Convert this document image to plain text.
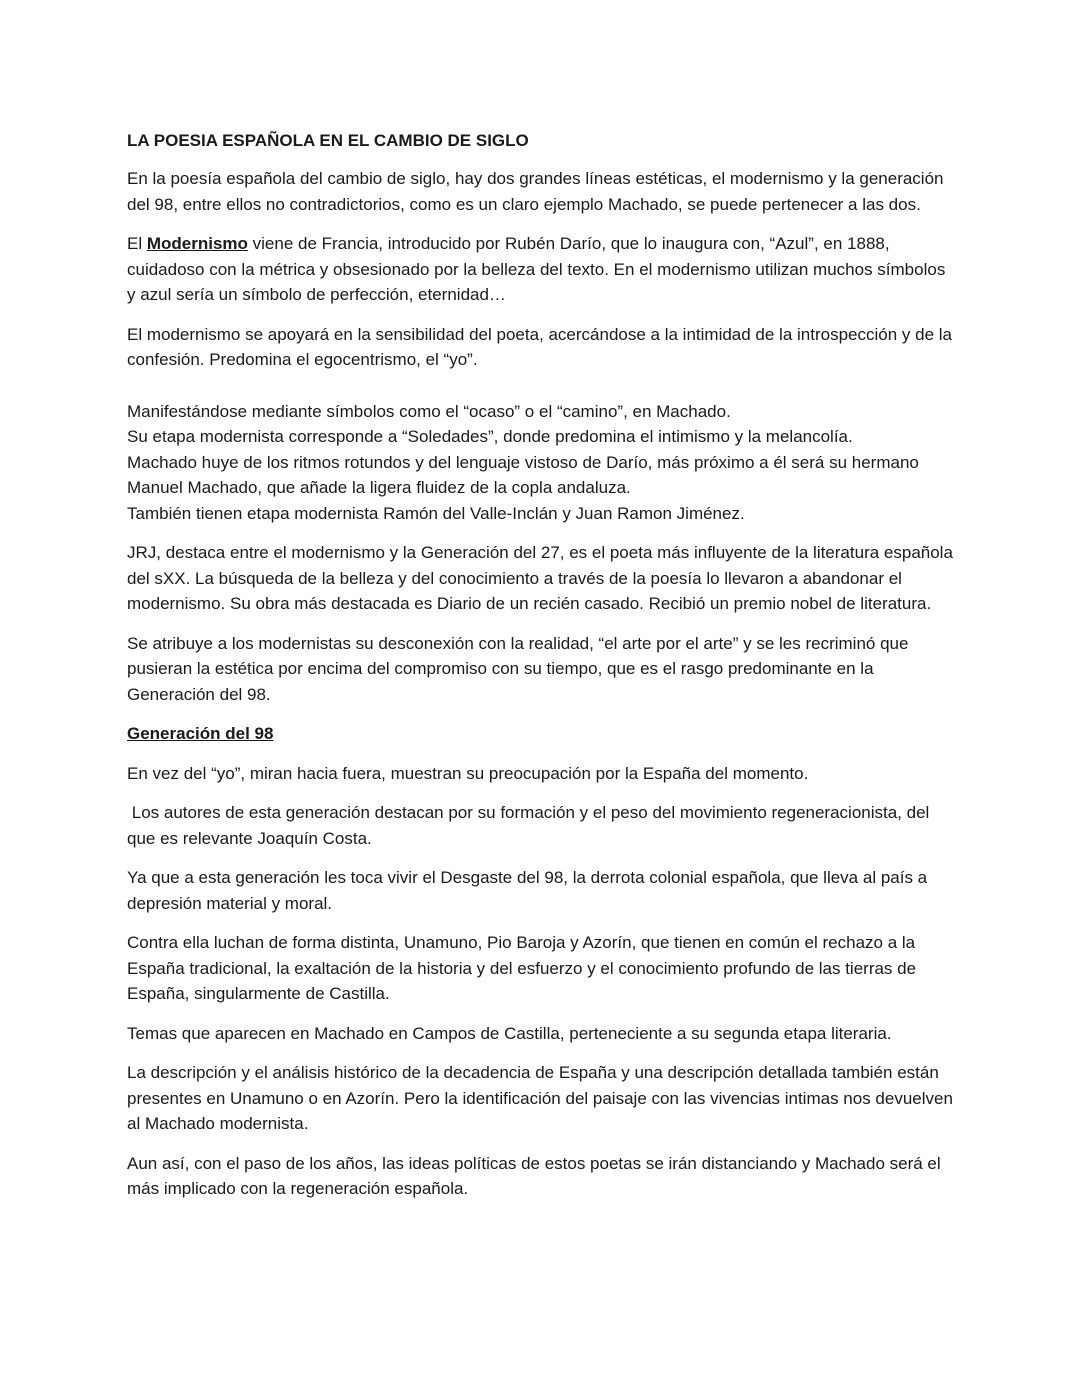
LA POESIA ESPAÑOLA EN EL CAMBIO DE SIGLO

En la poesía española del cambio de siglo, hay dos grandes líneas estéticas, el modernismo y la generación del 98, entre ellos no contradictorios, como es un claro ejemplo Machado, se puede pertenecer a las dos.

El Modernismo viene de Francia, introducido por Rubén Darío, que lo inaugura con, “Azul”, en 1888, cuidadoso con la métrica y obsesionado por la belleza del texto. En el modernismo utilizan muchos símbolos y azul sería un símbolo de perfección, eternidad…

El modernismo se apoyará en la sensibilidad del poeta, acercándose a la intimidad de la introspección y de la confesión. Predomina el egocentrismo, el “yo”.

Manifestándose mediante símbolos como el “ocaso” o el “camino”, en Machado.

Su etapa modernista corresponde a “Soledades”, donde predomina el intimismo y la melancolía.

Machado huye de los ritmos rotundos y del lenguaje vistoso de Darío, más próximo a él será su hermano Manuel Machado, que añade la ligera fluidez de la copla andaluza.

También tienen etapa modernista Ramón del Valle-Inclán y Juan Ramon Jiménez.

JRJ, destaca entre el modernismo y la Generación del 27, es el poeta más influyente de la literatura española del sXX. La búsqueda de la belleza y del conocimiento a través de la poesía lo llevaron a abandonar el modernismo. Su obra más destacada es Diario de un recién casado. Recibió un premio nobel de literatura.

Se atribuye a los modernistas su desconexión con la realidad, “el arte por el arte” y se les recriminó que pusieran la estética por encima del compromiso con su tiempo, que es el rasgo predominante en la Generación del 98.

Generación del 98

En vez del “yo”, miran hacia fuera, muestran su preocupación por la España del momento.

Los autores de esta generación destacan por su formación y el peso del movimiento regeneracionista, del que es relevante Joaquín Costa.

Ya que a esta generación les toca vivir el Desgaste del 98, la derrota colonial española, que lleva al país a depresión material y moral.

Contra ella luchan de forma distinta, Unamuno, Pio Baroja y Azorín, que tienen en común el rechazo a la España tradicional, la exaltación de la historia y del esfuerzo y el conocimiento profundo de las tierras de España, singularmente de Castilla.

Temas que aparecen en Machado en Campos de Castilla, perteneciente a su segunda etapa literaria.

La descripción y el análisis histórico de la decadencia de España y una descripción detallada también están presentes en Unamuno o en Azorín. Pero la identificación del paisaje con las vivencias intimas nos devuelven al Machado modernista.

Aun así, con el paso de los años, las ideas políticas de estos poetas se irán distanciando y Machado será el más implicado con la regeneración española.
